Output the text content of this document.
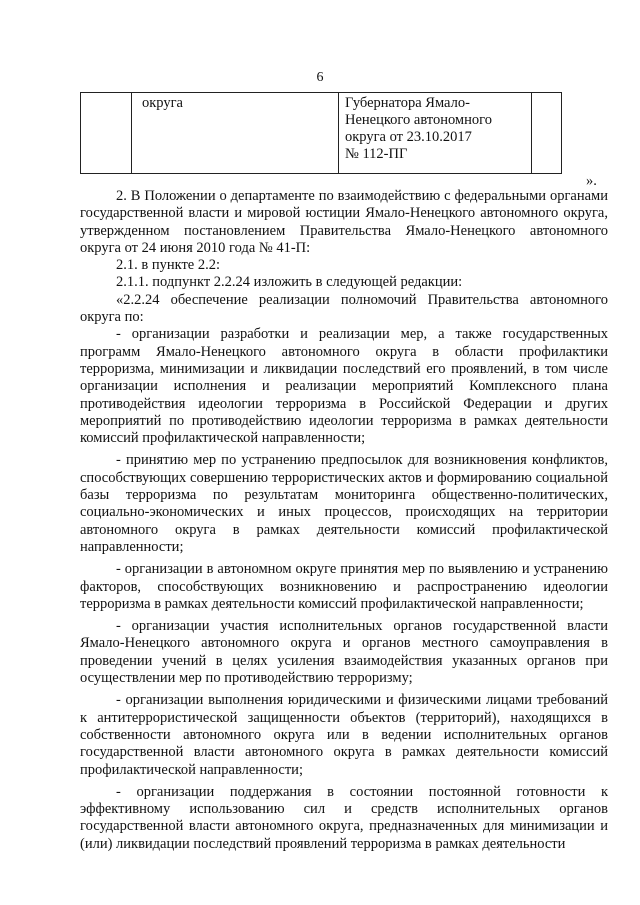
6
	округа	Губернатора Ямало-
Ненецкого автономного
округа от 23.10.2017
№ 112-ПГ

».

2. В Положении о департаменте по взаимодействию с федеральными органами государственной власти и мировой юстиции Ямало-Ненецкого автономного округа, утвержденном постановлением Правительства Ямало-Ненецкого автономного округа от 24 июня 2010 года № 41-П:

2.1. в пункте 2.2:

2.1.1. подпункт 2.2.24 изложить в следующей редакции:

«2.2.24 обеспечение реализации полномочий Правительства автономного округа по:

- организации разработки и реализации мер, а также государственных программ Ямало-Ненецкого автономного округа в области профилактики терроризма, минимизации и ликвидации последствий его проявлений, в том числе организации исполнения и реализации мероприятий Комплексного плана противодействия идеологии терроризма в Российской Федерации и других мероприятий по противодействию идеологии терроризма в рамках деятельности комиссий профилактической направленности;

- принятию мер по устранению предпосылок для возникновения конфликтов, способствующих совершению террористических актов и формированию социальной базы терроризма по результатам мониторинга общественно-политических, социально-экономических и иных процессов, происходящих на территории автономного округа в рамках деятельности комиссий профилактической направленности;

- организации в автономном округе принятия мер по выявлению и устранению факторов, способствующих возникновению и распространению идеологии терроризма в рамках деятельности комиссий профилактической направленности;

- организации участия исполнительных органов государственной власти Ямало-Ненецкого автономного округа и органов местного самоуправления в проведении учений в целях усиления взаимодействия указанных органов при осуществлении мер по противодействию терроризму;

- организации выполнения юридическими и физическими лицами требований к антитеррористической защищенности объектов (территорий), находящихся в собственности автономного округа или в ведении исполнительных органов государственной власти автономного округа в рамках деятельности комиссий профилактической направленности;

- организации поддержания в состоянии постоянной готовности к эффективному использованию сил и средств исполнительных органов государственной власти автономного округа, предназначенных для минимизации и (или) ликвидации последствий проявлений терроризма в рамках деятельности
